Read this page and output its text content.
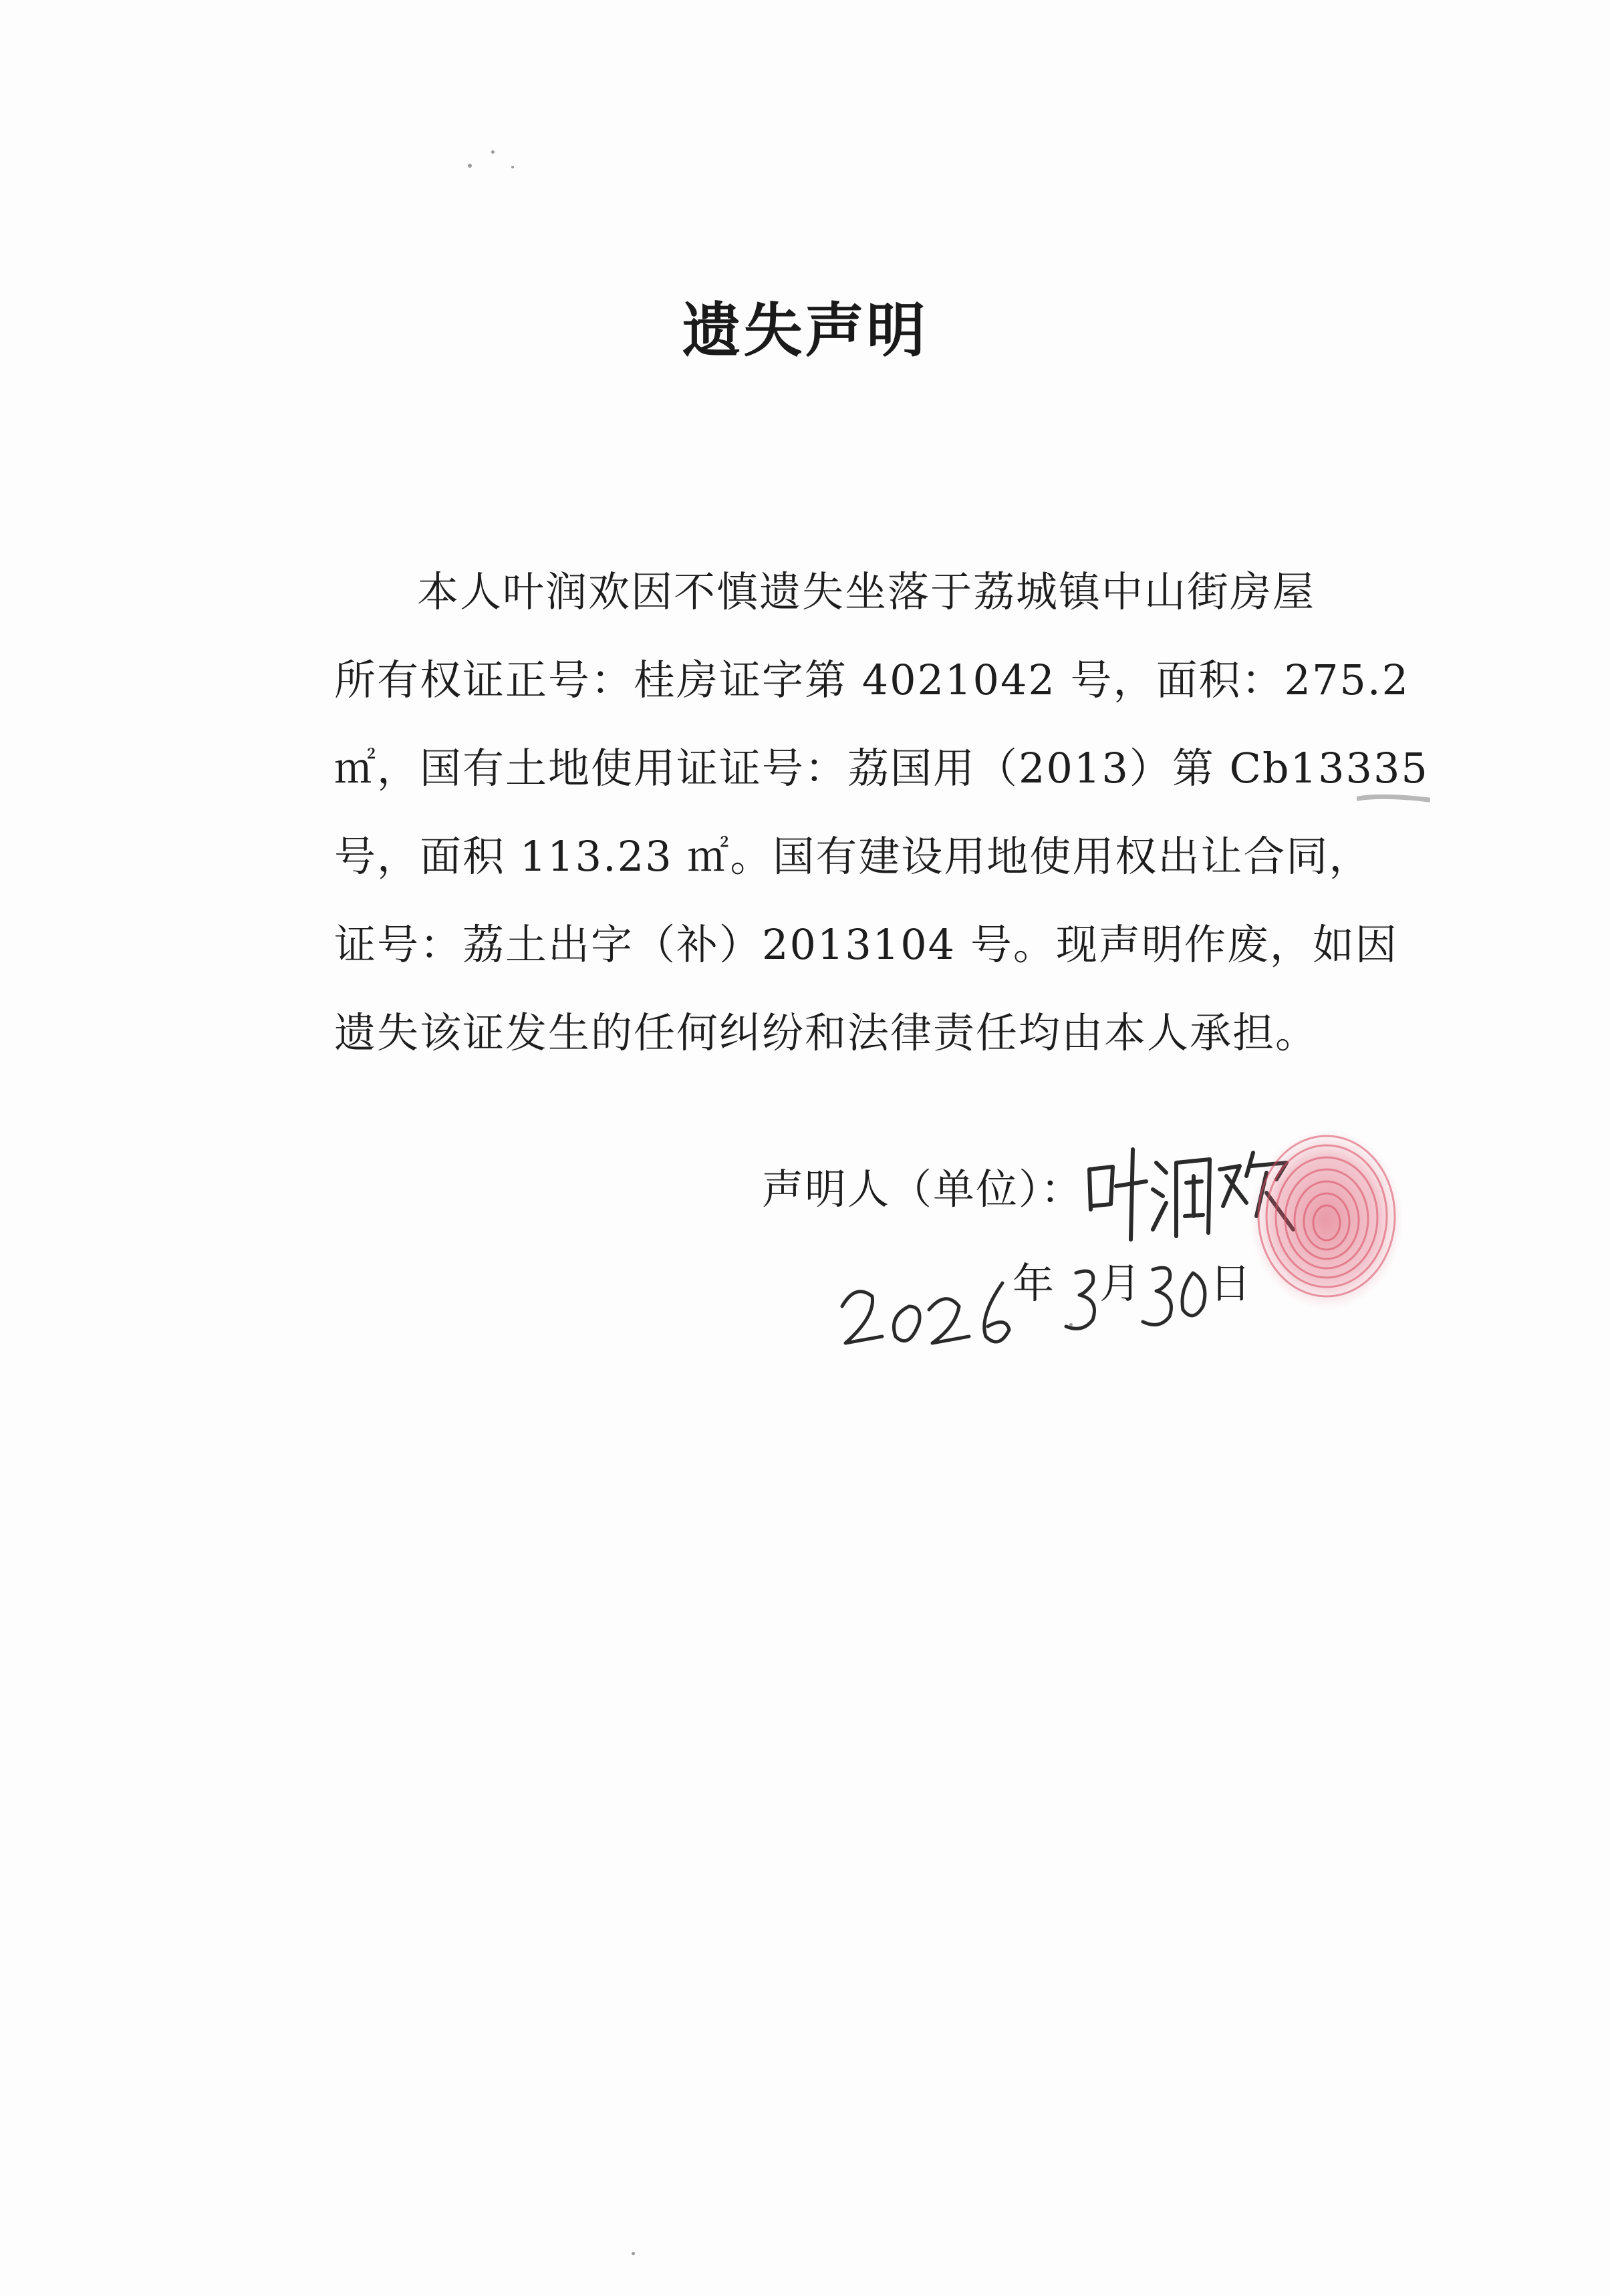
遗失声明
本人叶润欢因不慎遗失坐落于荔城镇中山街房屋
所有权证正号：桂房证字第 4021042 号，面积：275.2
㎡，国有土地使用证证号：荔国用（2013）第 Cb13335
号，面积 113.23 ㎡。国有建设用地使用权出让合同，
证号：荔土出字（补）2013104 号。现声明作废，如因
遗失该证发生的任何纠纷和法律责任均由本人承担。
声明人（单位）：
年 月 日
